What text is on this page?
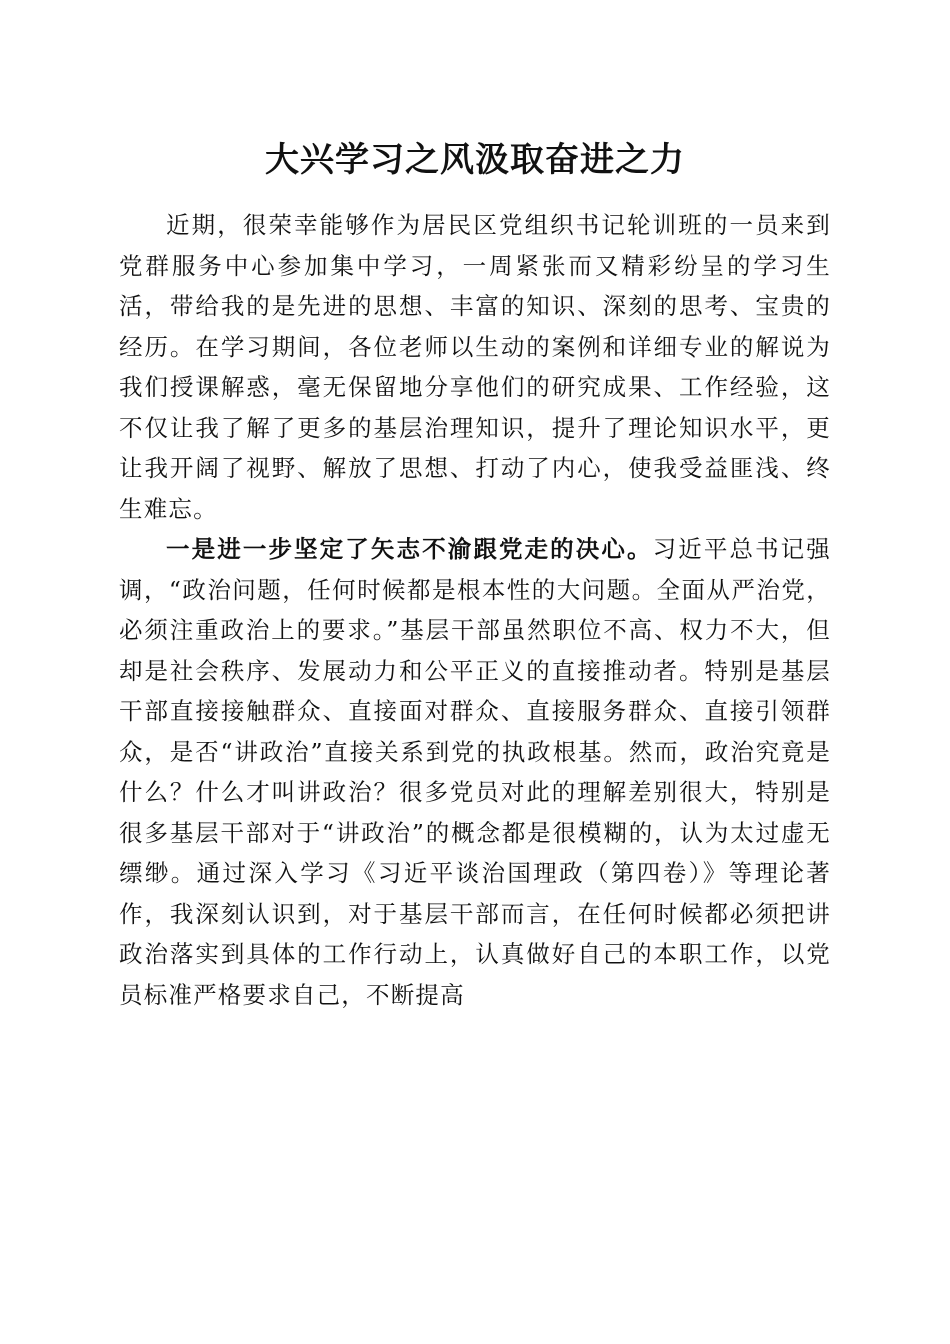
大兴学习之风汲取奋进之力

近期，很荣幸能够作为居民区党组织书记轮训班的一员来到党群服务中心参加集中学习，一周紧张而又精彩纷呈的学习生活，带给我的是先进的思想、丰富的知识、深刻的思考、宝贵的经历。在学习期间，各位老师以生动的案例和详细专业的解说为我们授课解惑，毫无保留地分享他们的研究成果、工作经验，这不仅让我了解了更多的基层治理知识，提升了理论知识水平，更让我开阔了视野、解放了思想、打动了内心，使我受益匪浅、终生难忘。

一是进一步坚定了矢志不渝跟党走的决心。习近平总书记强调，“政治问题，任何时候都是根本性的大问题。全面从严治党，必须注重政治上的要求。”基层干部虽然职位不高、权力不大，但却是社会秩序、发展动力和公平正义的直接推动者。特别是基层干部直接接触群众、直接面对群众、直接服务群众、直接引领群众，是否“讲政治”直接关系到党的执政根基。然而，政治究竟是什么？什么才叫讲政治？很多党员对此的理解差别很大，特别是很多基层干部对于“讲政治”的概念都是很模糊的，认为太过虚无缥缈。通过深入学习《习近平谈治国理政（第四卷）》等理论著作，我深刻认识到，对于基层干部而言，在任何时候都必须把讲政治落实到具体的工作行动上，认真做好自己的本职工作，以党员标准严格要求自己，不断提高
